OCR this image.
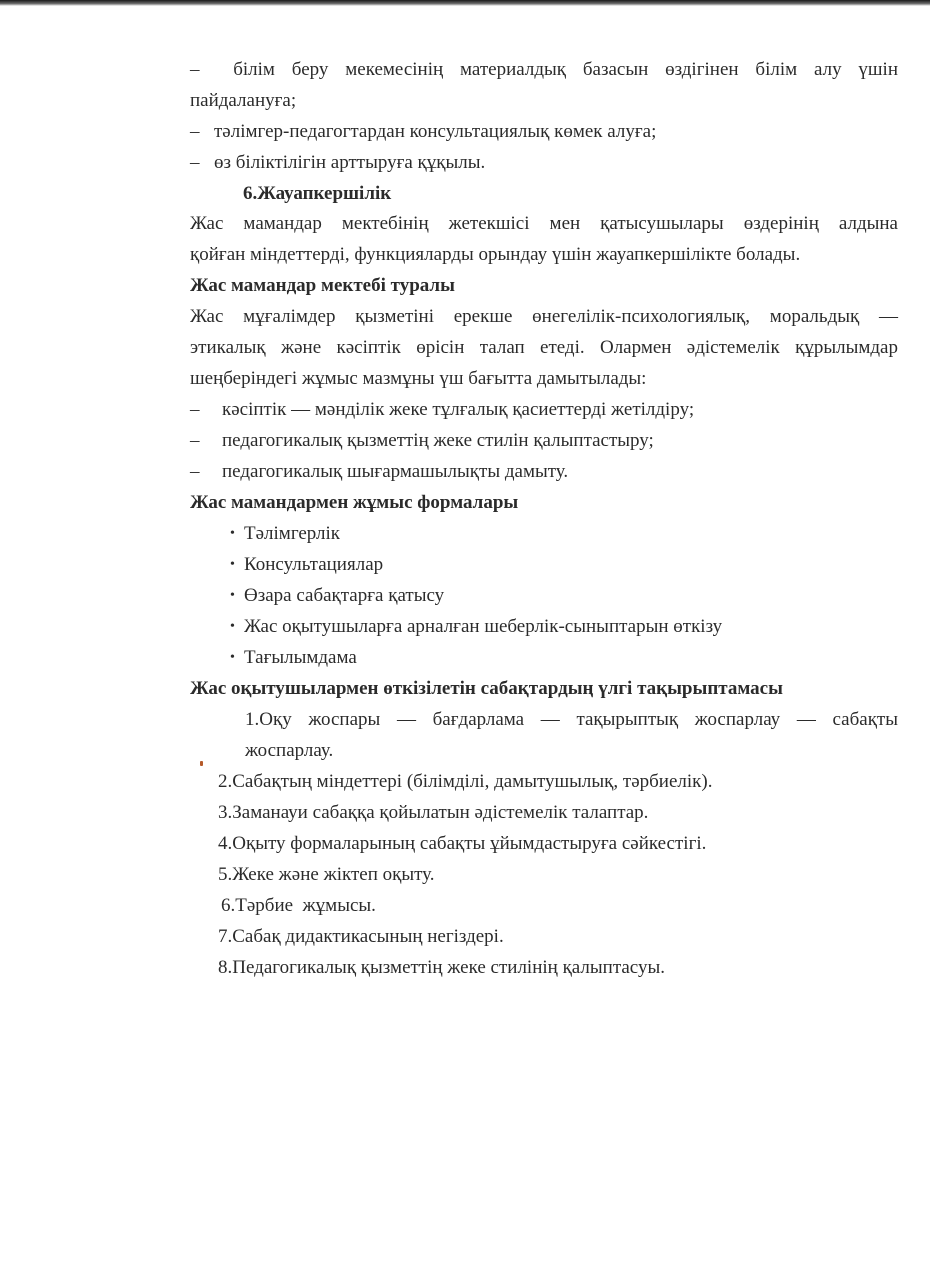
– білім беру мекемесінің материалдық базасын өздігінен білім алу үшін
пайдалануға;
– тәлімгер-педагогтардан консультациялық көмек алуға;
– өз біліктілігін арттыруға құқылы.
6.Жауапкершілік
Жас мамандар мектебінің жетекшісі мен қатысушылары өздерінің алдына
қойған міндеттерді, функцияларды орындау үшін жауапкершілікте болады.
Жас мамандар мектебі туралы
Жас мұғалімдер қызметіні ерекше өнегелілік-психологиялық, моральдық —
этикалық және кәсіптік өрісін талап етеді. Олармен әдістемелік құрылымдар
шеңберіндегі жұмыс мазмұны үш бағытта дамытылады:
– кәсіптік — мәнділік жеке тұлғалық қасиеттерді жетілдіру;
– педагогикалық қызметтің жеке стилін қалыптастыру;
– педагогикалық шығармашылықты дамыту.
Жас мамандармен жұмыс формалары
• Тәлімгерлік
• Консультациялар
• Өзара сабақтарға қатысу
• Жас оқытушыларға арналған шеберлік-сыныптарын өткізу
• Тағылымдама
Жас оқытушылармен өткізілетін сабақтардың үлгі тақырыптамасы
1.Оқу жоспары — бағдарлама — тақырыптық жоспарлау — сабақты
жоспарлау.
2.Сабақтың міндеттері (білімділі, дамытушылық, тәрбиелік).
3.Заманауи сабаққа қойылатын әдістемелік талаптар.
4.Оқыту формаларының сабақты ұйымдастыруға сәйкестігі.
5.Жеке және жіктеп оқыту.
6.Тәрбие  жұмысы.
7.Сабақ дидактикасының негіздері.
8.Педагогикалық қызметтің жеке стилінің қалыптасуы.
